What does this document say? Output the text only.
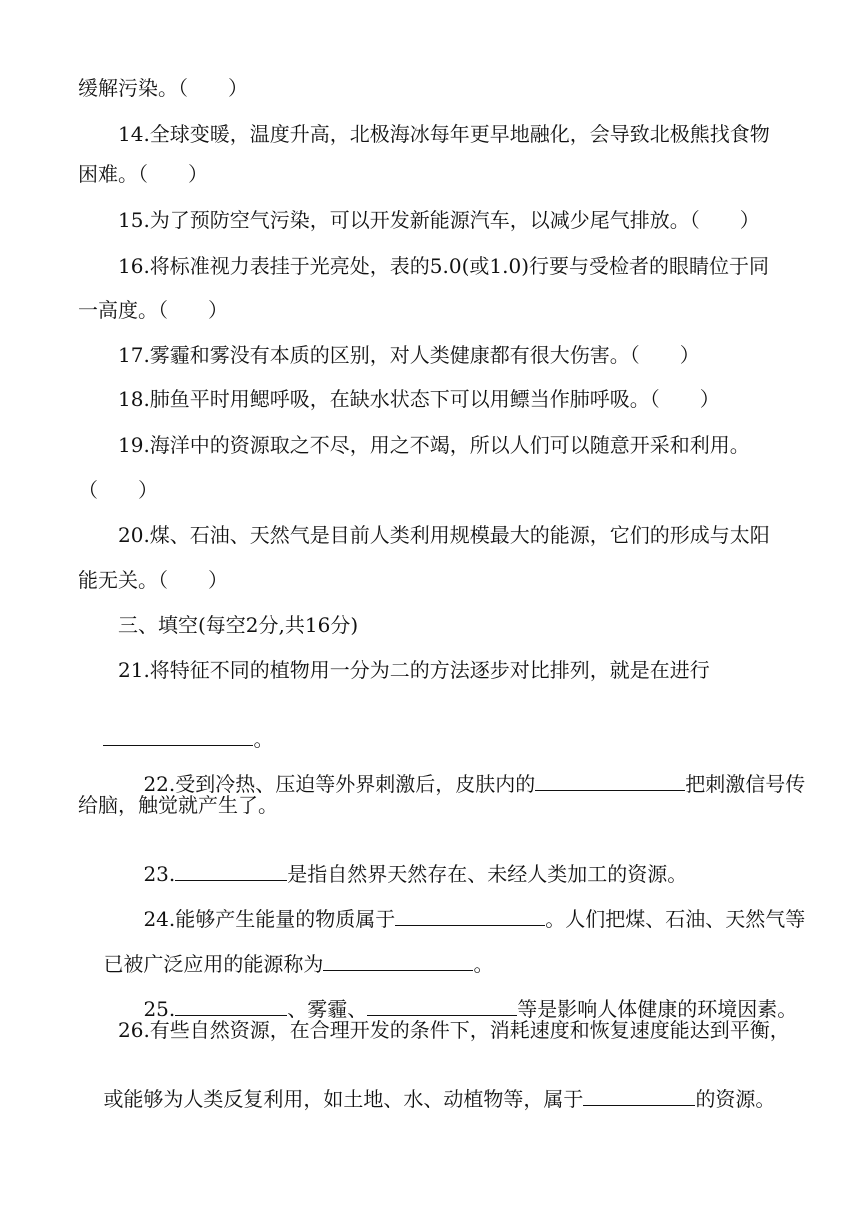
缓解污染。（　　）
14.全球变暖，温度升高，北极海冰每年更早地融化，会导致北极熊找食物
困难。（　　）
15.为了预防空气污染，可以开发新能源汽车，以减少尾气排放。（　　）
16.将标准视力表挂于光亮处，表的5.0(或1.0)行要与受检者的眼睛位于同
一高度。（　　）
17.雾霾和雾没有本质的区别，对人类健康都有很大伤害。（　　）
18.肺鱼平时用鳃呼吸，在缺水状态下可以用鳔当作肺呼吸。（　　）
19.海洋中的资源取之不尽，用之不竭，所以人们可以随意开采和利用。
（　　）
20.煤、石油、天然气是目前人类利用规模最大的能源，它们的形成与太阳
能无关。（　　）
三、填空(每空2分,共16分)
21.将特征不同的植物用一分为二的方法逐步对比排列，就是在进行

。

22.受到冷热、压迫等外界刺激后，皮肤内的	把刺激信号传

给脑，触觉就产生了。

23.	是指自然界天然存在、未经人类加工的资源。

24.能够产生能量的物质属于	。人们把煤、石油、天然气等

已被广泛应用的能源称为	。

25.	、雾霾、	等是影响人体健康的环境因素。

26.有些自然资源，在合理开发的条件下，消耗速度和恢复速度能达到平衡，

或能够为人类反复利用，如土地、水、动植物等，属于	的资源。
